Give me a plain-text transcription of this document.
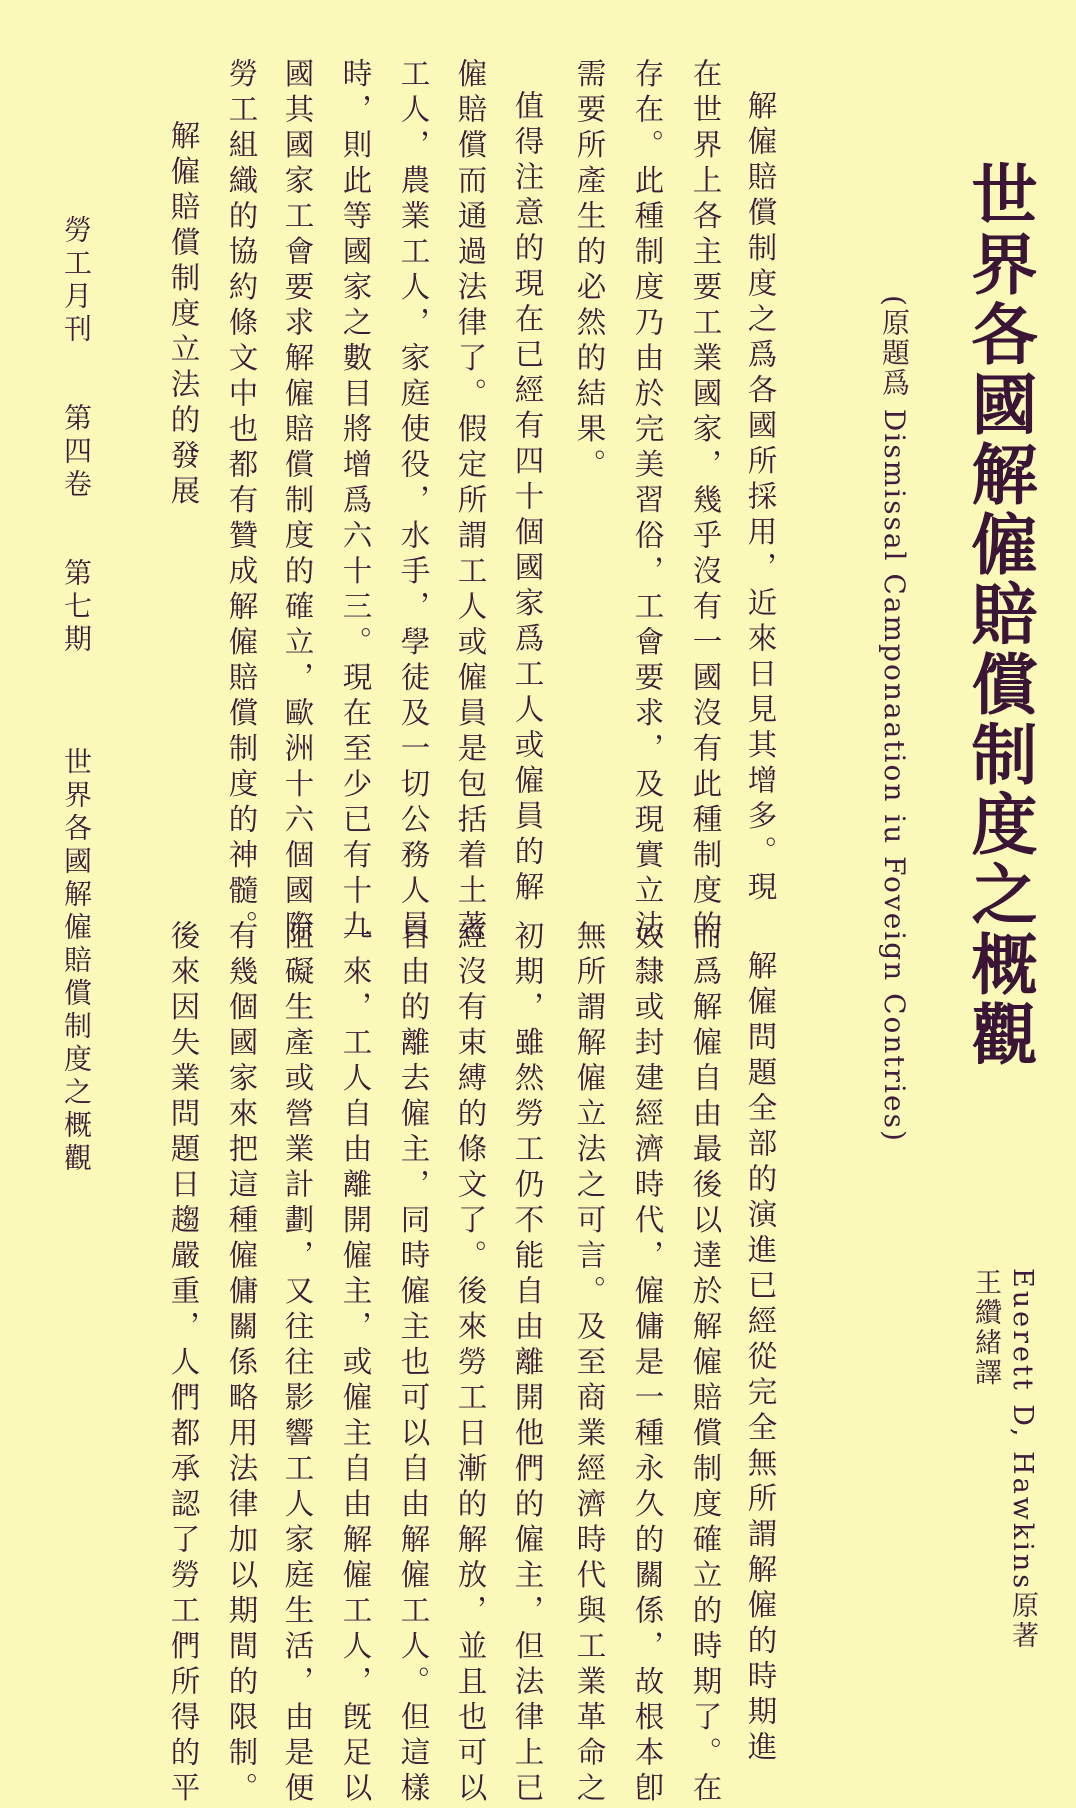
世界各國解僱賠償制度之概觀
(原題爲 Dismissal Camponaation iu Foveign Contries)
Euerett D, Hawkins原著
王纘緒譯
解僱賠償制度之爲各國所採用，近來日見其增多。現
在世界上各主要工業國家，幾乎沒有一國沒有此種制度的
存在。此種制度乃由於完美習俗，工會要求，及現實立法
需要所產生的必然的結果。
值得注意的現在已經有四十個國家爲工人或僱員的解
僱賠償而通過法律了。假定所謂工人或僱員是包括着土著
工人，農業工人，家庭使役，水手，學徒及一切公務人員
時，則此等國家之數目將增爲六十三。現在至少已有十九
國其國家工會要求解僱賠償制度的確立，歐洲十六個國際
勞工組織的協約條文中也都有贊成解僱賠償制度的神髓。
解僱賠償制度立法的發展
解僱問題全部的演進已經從完全無所謂解僱的時期進
而爲解僱自由最後以達於解僱賠償制度確立的時期了。在
奴隸或封建經濟時代，僱傭是一種永久的關係，故根本卽
無所謂解僱立法之可言。及至商業經濟時代與工業革命之
初期，雖然勞工仍不能自由離開他們的僱主，但法律上已
經沒有束縛的條文了。後來勞工日漸的解放，並且也可以
自由的離去僱主，同時僱主也可以自由解僱工人。但這樣
一來，工人自由離開僱主，或僱主自由解僱工人，旣足以
阻礙生產或營業計劃，又往往影響工人家庭生活，由是便
有幾個國家來把這種僱傭關係略用法律加以期間的限制。
後來因失業問題日趨嚴重，人們都承認了勞工們所得的平
勞工月刊第四卷第七期世界各國解僱賠償制度之概觀
